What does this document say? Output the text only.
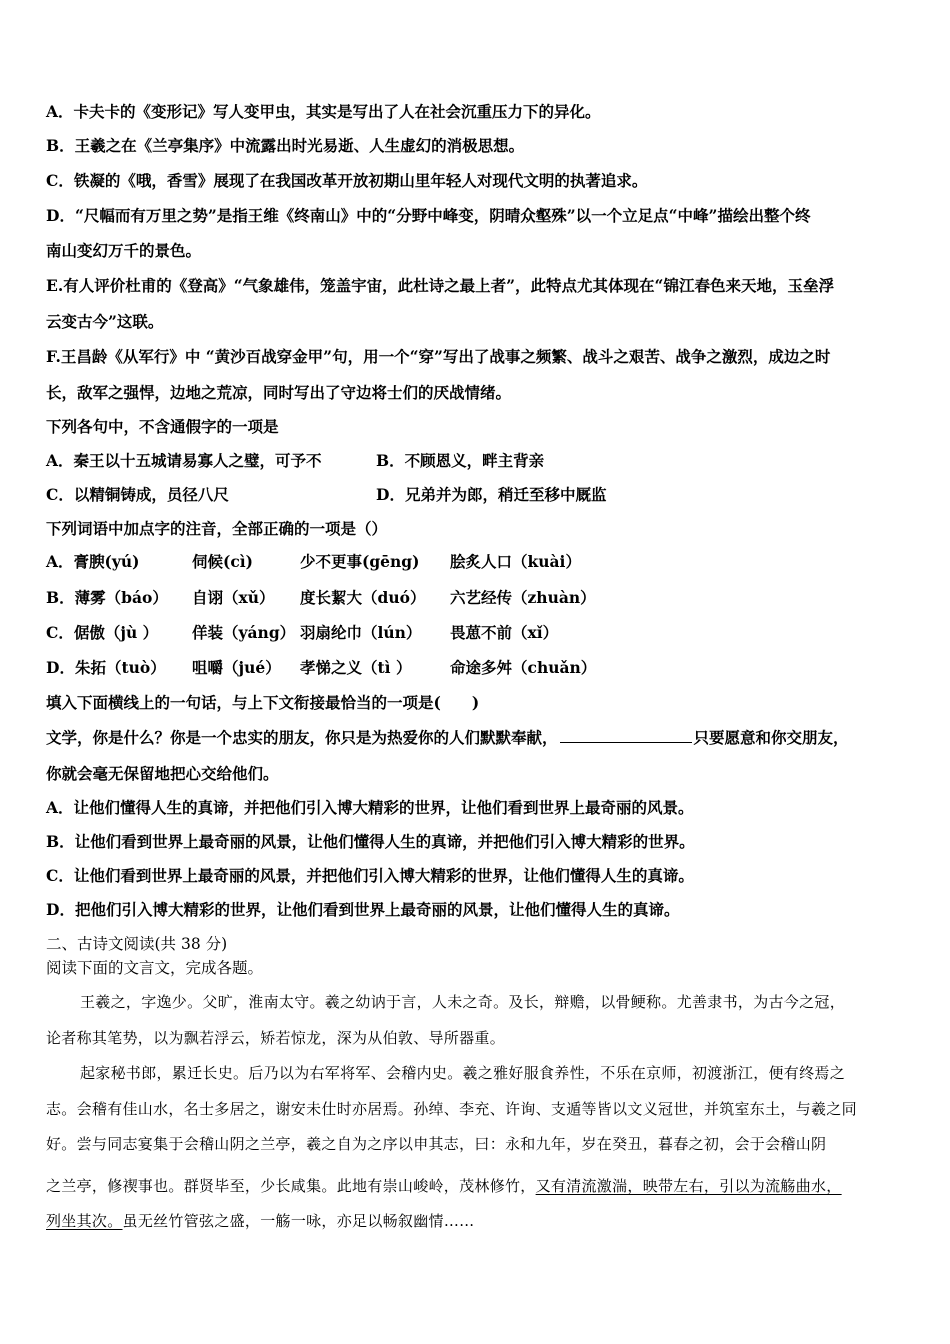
A．卡夫卡的《变形记》写人变甲虫，其实是写出了人在社会沉重压力下的异化。
B．王羲之在《兰亭集序》中流露出时光易逝、人生虚幻的消极思想。
C．铁凝的《哦，香雪》展现了在我国改革开放初期山里年轻人对现代文明的执著追求。
D．“尺幅而有万里之势”是指王维《终南山》中的“分野中峰变，阴晴众壑殊”以一个立足点“中峰”描绘出整个终
南山变幻万千的景色。
E.有人评价杜甫的《登高》“气象雄伟，笼盖宇宙，此杜诗之最上者”，此特点尤其体现在“锦江春色来天地，玉垒浮
云变古今”这联。
F.王昌龄《从军行》中 “黄沙百战穿金甲”句，用一个“穿”写出了战事之频繁、战斗之艰苦、战争之激烈，成边之时
长，敌军之强悍，边地之荒凉，同时写出了守边将士们的厌战情绪。
下列各句中，不含通假字的一项是
A．秦王以十五城请易寡人之璧，可予不	B．不顾恩义，畔主背亲
C．以精铜铸成，员径八尺	D．兄弟并为郎，稍迁至移中厩监
下列词语中加点字的注音，全部正确的一项是（）
A．膏腴(yú)	伺候(cì)	少不更事(gēng) 脍炙人口（kuài）
B．薄雾（báo） 自诩（xǔ） 度长絜大（duó） 六艺经传（zhuàn）
C．倨傲（jù ） 佯装（yáng） 羽扇纶巾（lún） 畏葸不前（xǐ）
D．朱拓（tuò） 咀嚼（jué） 孝悌之义（tì ） 命途多舛（chuǎn）
填入下面横线上的一句话，与上下文衔接最恰当的一项是(　　)
文学，你是什么？你是一个忠实的朋友，你只是为热爱你的人们默默奉献，	只要愿意和你交朋友，
你就会毫无保留地把心交给他们。
A．让他们懂得人生的真谛，并把他们引入博大精彩的世界，让他们看到世界上最奇丽的风景。
B．让他们看到世界上最奇丽的风景，让他们懂得人生的真谛，并把他们引入博大精彩的世界。
C．让他们看到世界上最奇丽的风景，并把他们引入博大精彩的世界，让他们懂得人生的真谛。
D．把他们引入博大精彩的世界，让他们看到世界上最奇丽的风景，让他们懂得人生的真谛。
二、古诗文阅读(共 38 分)
阅读下面的文言文，完成各题。
王羲之，字逸少。父旷，淮南太守。羲之幼讷于言，人未之奇。及长，辩赡，以骨鲠称。尤善隶书，为古今之冠，
论者称其笔势，以为飘若浮云，矫若惊龙，深为从伯敦、导所器重。
起家秘书郎，累迁长史。后乃以为右军将军、会稽内史。羲之雅好服食养性，不乐在京师，初渡浙江，便有终焉之
志。会稽有佳山水，名士多居之，谢安未仕时亦居焉。孙绰、李充、许询、支遁等皆以文义冠世，并筑室东土，与羲之同
好。尝与同志宴集于会稽山阴之兰亭，羲之自为之序以申其志，曰：永和九年，岁在癸丑，暮春之初，会于会稽山阴
之兰亭，修禊事也。群贤毕至，少长咸集。此地有崇山峻岭，茂林修竹，又有清流激湍，映带左右，引以为流觞曲水，
列坐其次。虽无丝竹管弦之盛，一觞一咏，亦足以畅叙幽情……
